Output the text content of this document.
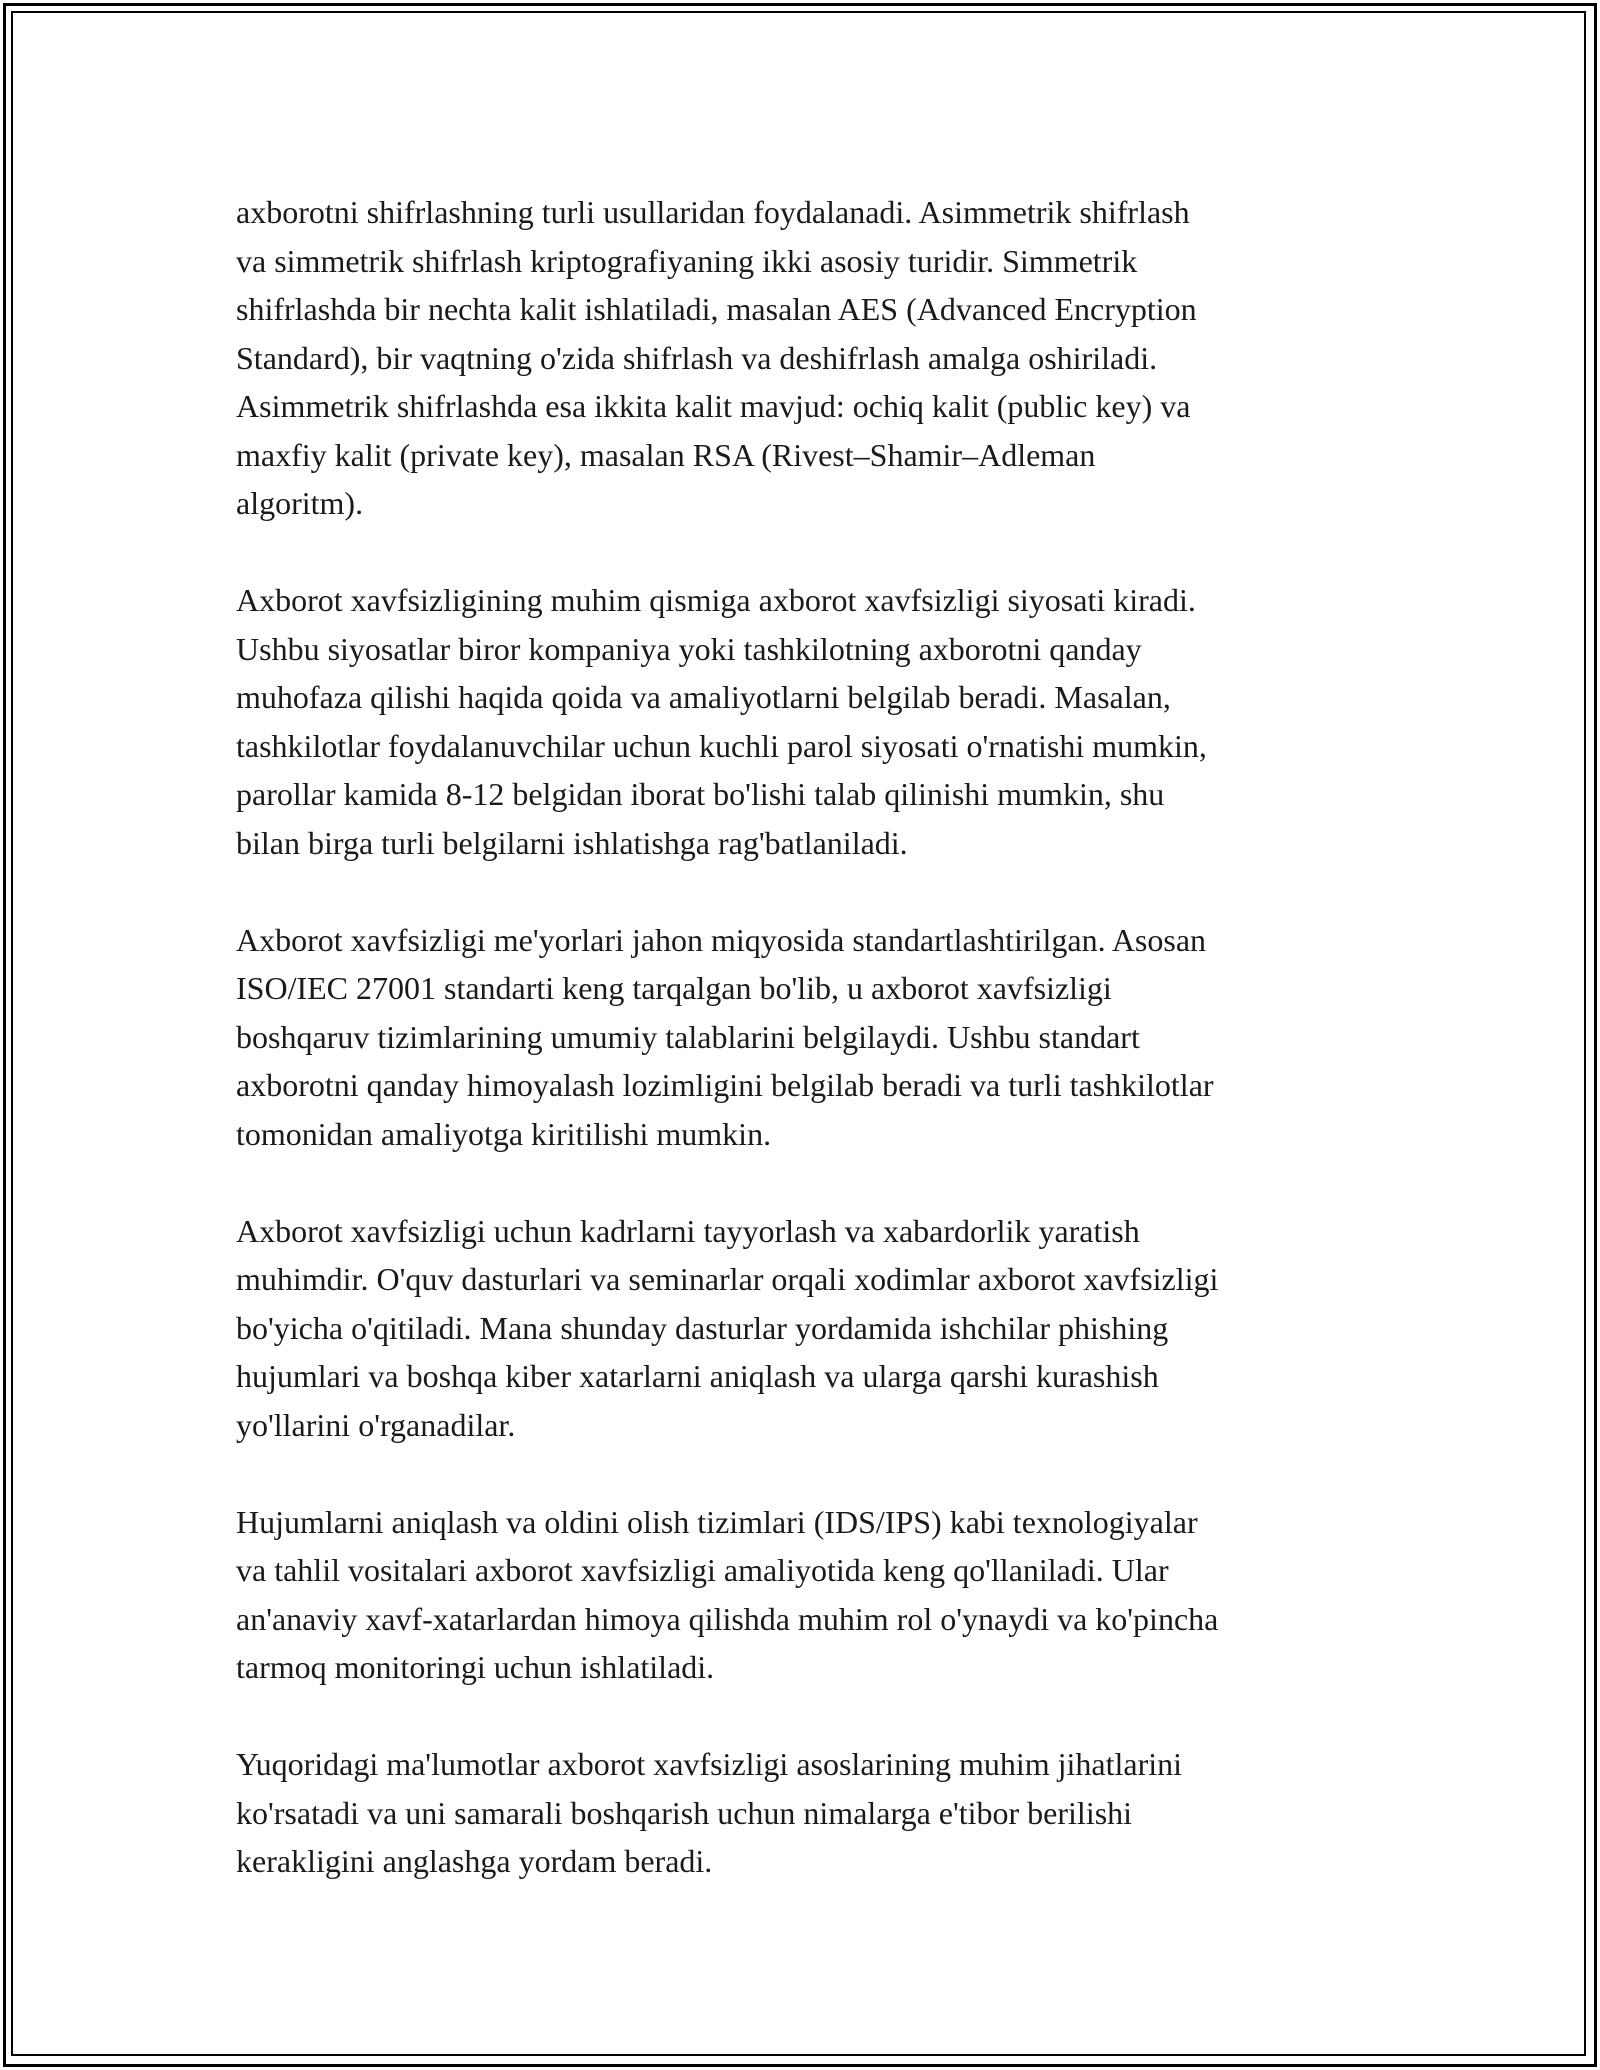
axborotni shifrlashning turli usullaridan foydalanadi. Asimmetrik shifrlash
va simmetrik shifrlash kriptografiyaning ikki asosiy turidir. Simmetrik
shifrlashda bir nechta kalit ishlatiladi, masalan AES (Advanced Encryption
Standard), bir vaqtning o'zida shifrlash va deshifrlash amalga oshiriladi.
Asimmetrik shifrlashda esa ikkita kalit mavjud: ochiq kalit (public key) va
maxfiy kalit (private key), masalan RSA (Rivest–Shamir–Adleman
algoritm).

Axborot xavfsizligining muhim qismiga axborot xavfsizligi siyosati kiradi.
Ushbu siyosatlar biror kompaniya yoki tashkilotning axborotni qanday
muhofaza qilishi haqida qoida va amaliyotlarni belgilab beradi. Masalan,
tashkilotlar foydalanuvchilar uchun kuchli parol siyosati o'rnatishi mumkin,
parollar kamida 8-12 belgidan iborat bo'lishi talab qilinishi mumkin, shu
bilan birga turli belgilarni ishlatishga rag'batlaniladi.

Axborot xavfsizligi me'yorlari jahon miqyosida standartlashtirilgan. Asosan
ISO/IEC 27001 standarti keng tarqalgan bo'lib, u axborot xavfsizligi
boshqaruv tizimlarining umumiy talablarini belgilaydi. Ushbu standart
axborotni qanday himoyalash lozimligini belgilab beradi va turli tashkilotlar
tomonidan amaliyotga kiritilishi mumkin.

Axborot xavfsizligi uchun kadrlarni tayyorlash va xabardorlik yaratish
muhimdir. O'quv dasturlari va seminarlar orqali xodimlar axborot xavfsizligi
bo'yicha o'qitiladi. Mana shunday dasturlar yordamida ishchilar phishing
hujumlari va boshqa kiber xatarlarni aniqlash va ularga qarshi kurashish
yo'llarini o'rganadilar.

Hujumlarni aniqlash va oldini olish tizimlari (IDS/IPS) kabi texnologiyalar
va tahlil vositalari axborot xavfsizligi amaliyotida keng qo'llaniladi. Ular
an'anaviy xavf-xatarlardan himoya qilishda muhim rol o'ynaydi va ko'pincha
tarmoq monitoringi uchun ishlatiladi.

Yuqoridagi ma'lumotlar axborot xavfsizligi asoslarining muhim jihatlarini
ko'rsatadi va uni samarali boshqarish uchun nimalarga e'tibor berilishi
kerakligini anglashga yordam beradi.
